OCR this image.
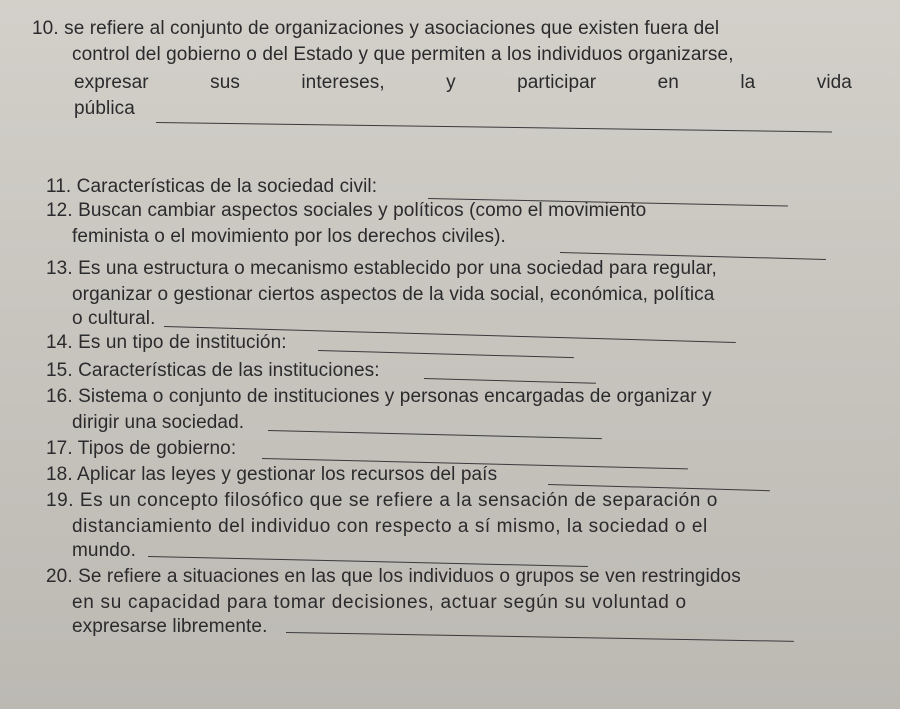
10. se refiere al conjunto de organizaciones y asociaciones que existen fuera del
control del gobierno o del Estado y que permiten a los individuos organizarse,
expresar	sus	intereses,	y	participar	en	la	vida
pública
11. Características de la sociedad civil:
12. Buscan cambiar aspectos sociales y políticos (como el movimiento
feminista o el movimiento por los derechos civiles).
13. Es una estructura o mecanismo establecido por una sociedad para regular,
organizar o gestionar ciertos aspectos de la vida social, económica, política
o cultural.
14. Es un tipo de institución:
15. Características de las instituciones:
16. Sistema o conjunto de instituciones y personas encargadas de organizar y
dirigir una sociedad.
17. Tipos de gobierno:
18. Aplicar las leyes y gestionar los recursos del país
19. Es un concepto filosófico que se refiere a la sensación de separación o
distanciamiento del individuo con respecto a sí mismo, la sociedad o el
mundo.
20. Se refiere a situaciones en las que los individuos o grupos se ven restringidos
en su capacidad para tomar decisiones, actuar según su voluntad o
expresarse libremente.
